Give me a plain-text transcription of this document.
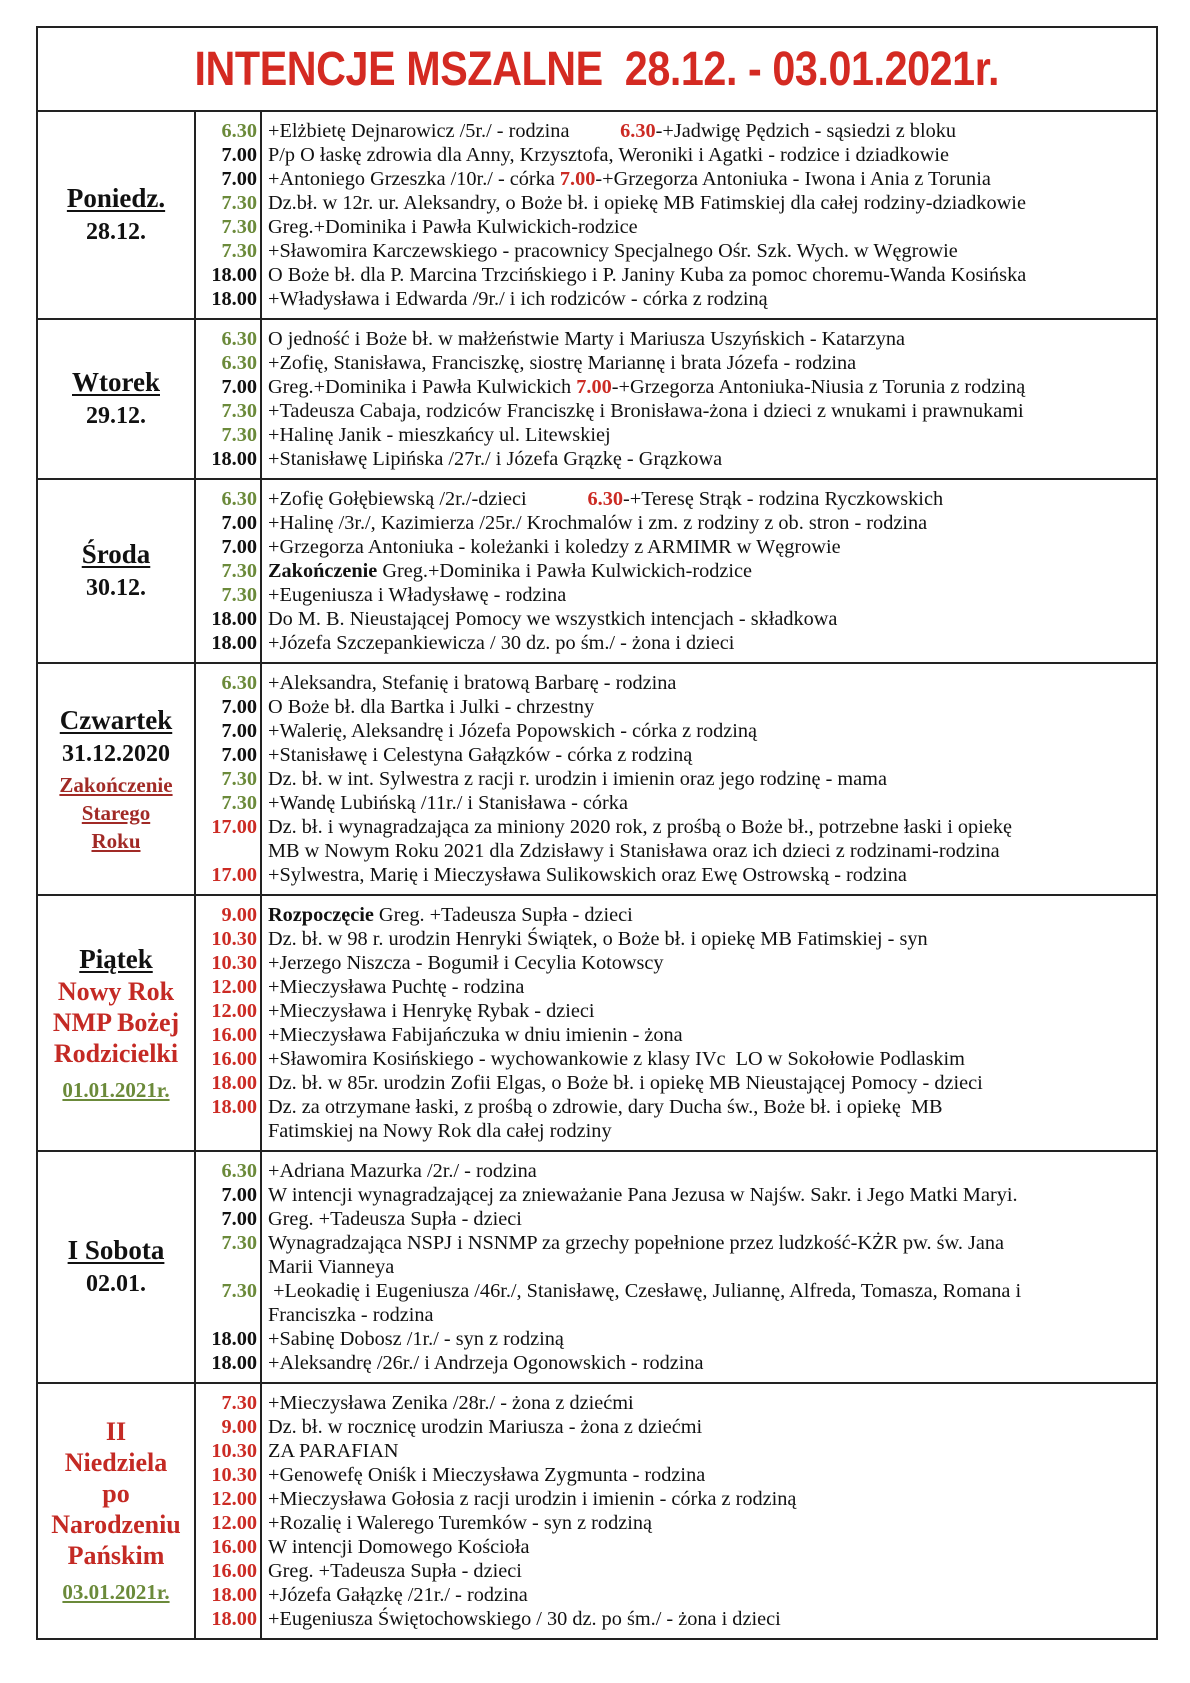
INTENCJE MSZALNE  28.12. - 03.01.2021r.
Poniedz.
28.12.
6.30
7.00
7.00
7.30
7.30
7.30
18.00
18.00
+Elżbietę Dejnarowicz /5r./ - rodzina 6.30-+Jadwigę Pędzich - sąsiedzi z bloku
P/p O łaskę zdrowia dla Anny, Krzysztofa, Weroniki i Agatki - rodzice i dziadkowie
+Antoniego Grzeszka /10r./ - córka 7.00-+Grzegorza Antoniuka - Iwona i Ania z Torunia
Dz.bł. w 12r. ur. Aleksandry, o Boże bł. i opiekę MB Fatimskiej dla całej rodziny-dziadkowie
Greg.+Dominika i Pawła Kulwickich-rodzice
+Sławomira Karczewskiego - pracownicy Specjalnego Ośr. Szk. Wych. w Węgrowie
O Boże bł. dla P. Marcina Trzcińskiego i P. Janiny Kuba za pomoc choremu-Wanda Kosińska
+Władysława i Edwarda /9r./ i ich rodziców - córka z rodziną
Wtorek
29.12.
6.30
6.30
7.00
7.30
7.30
18.00
O jedność i Boże bł. w małżeństwie Marty i Mariusza Uszyńskich - Katarzyna
+Zofię, Stanisława, Franciszkę, siostrę Mariannę i brata Józefa - rodzina
Greg.+Dominika i Pawła Kulwickich 7.00-+Grzegorza Antoniuka-Niusia z Torunia z rodziną
+Tadeusza Cabaja, rodziców Franciszkę i Bronisława-żona i dzieci z wnukami i prawnukami
+Halinę Janik - mieszkańcy ul. Litewskiej
+Stanisławę Lipińska /27r./ i Józefa Grązkę - Grązkowa
Środa
30.12.
6.30
7.00
7.00
7.30
7.30
18.00
18.00
+Zofię Gołębiewską /2r./-dzieci	6.30-+Teresę Strąk - rodzina Ryczkowskich
+Halinę /3r./, Kazimierza /25r./ Krochmalów i zm. z rodziny z ob. stron - rodzina
+Grzegorza Antoniuka - koleżanki i koledzy z ARMIMR w Węgrowie
Zakończenie Greg.+Dominika i Pawła Kulwickich-rodzice
+Eugeniusza i Władysławę - rodzina
Do M. B. Nieustającej Pomocy we wszystkich intencjach - składkowa
+Józefa Szczepankiewicza / 30 dz. po śm./ - żona i dzieci
Czwartek
31.12.2020
Zakończenie
Starego
Roku
6.30
7.00
7.00
7.00
7.30
7.30
17.00

17.00
+Aleksandra, Stefanię i bratową Barbarę - rodzina
O Boże bł. dla Bartka i Julki - chrzestny
+Walerię, Aleksandrę i Józefa Popowskich - córka z rodziną
+Stanisławę i Celestyna Gałązków - córka z rodziną
Dz. bł. w int. Sylwestra z racji r. urodzin i imienin oraz jego rodzinę - mama
+Wandę Lubińską /11r./ i Stanisława - córka
Dz. bł. i wynagradzająca za miniony 2020 rok, z prośbą o Boże bł., potrzebne łaski i opiekę
MB w Nowym Roku 2021 dla Zdzisławy i Stanisława oraz ich dzieci z rodzinami-rodzina
+Sylwestra, Marię i Mieczysława Sulikowskich oraz Ewę Ostrowską - rodzina
Piątek
Nowy Rok
NMP Bożej
Rodzicielki
01.01.2021r.
9.00
10.30
10.30
12.00
12.00
16.00
16.00
18.00
18.00

Rozpoczęcie Greg. +Tadeusza Supła - dzieci
Dz. bł. w 98 r. urodzin Henryki Świątek, o Boże bł. i opiekę MB Fatimskiej - syn
+Jerzego Niszcza - Bogumił i Cecylia Kotowscy
+Mieczysława Puchtę - rodzina
+Mieczysława i Henrykę Rybak - dzieci
+Mieczysława Fabijańczuka w dniu imienin - żona
+Sławomira Kosińskiego - wychowankowie z klasy IVc  LO w Sokołowie Podlaskim
Dz. bł. w 85r. urodzin Zofii Elgas, o Boże bł. i opiekę MB Nieustającej Pomocy - dzieci
Dz. za otrzymane łaski, z prośbą o zdrowie, dary Ducha św., Boże bł. i opiekę  MB
Fatimskiej na Nowy Rok dla całej rodziny
I Sobota
02.01.
6.30
7.00
7.00
7.30

7.30

18.00
18.00
+Adriana Mazurka /2r./ - rodzina
W intencji wynagradzającej za znieważanie Pana Jezusa w Najśw. Sakr. i Jego Matki Maryi.
Greg. +Tadeusza Supła - dzieci
Wynagradzająca NSPJ i NSNMP za grzechy popełnione przez ludzkość-KŻR pw. św. Jana
Marii Vianneya
+Leokadię i Eugeniusza /46r./, Stanisławę, Czesławę, Juliannę, Alfreda, Tomasza, Romana i
Franciszka - rodzina
+Sabinę Dobosz /1r./ - syn z rodziną
+Aleksandrę /26r./ i Andrzeja Ogonowskich - rodzina
II
Niedziela
po
Narodzeniu
Pańskim
03.01.2021r.
7.30
9.00
10.30
10.30
12.00
12.00
16.00
16.00
18.00
18.00
+Mieczysława Zenika /28r./ - żona z dziećmi
Dz. bł. w rocznicę urodzin Mariusza - żona z dziećmi
ZA PARAFIAN
+Genowefę Oniśk i Mieczysława Zygmunta - rodzina
+Mieczysława Gołosia z racji urodzin i imienin - córka z rodziną
+Rozalię i Walerego Turemków - syn z rodziną
W intencji Domowego Kościoła
Greg. +Tadeusza Supła - dzieci
+Józefa Gałązkę /21r./ - rodzina
+Eugeniusza Świętochowskiego / 30 dz. po śm./ - żona i dzieci
